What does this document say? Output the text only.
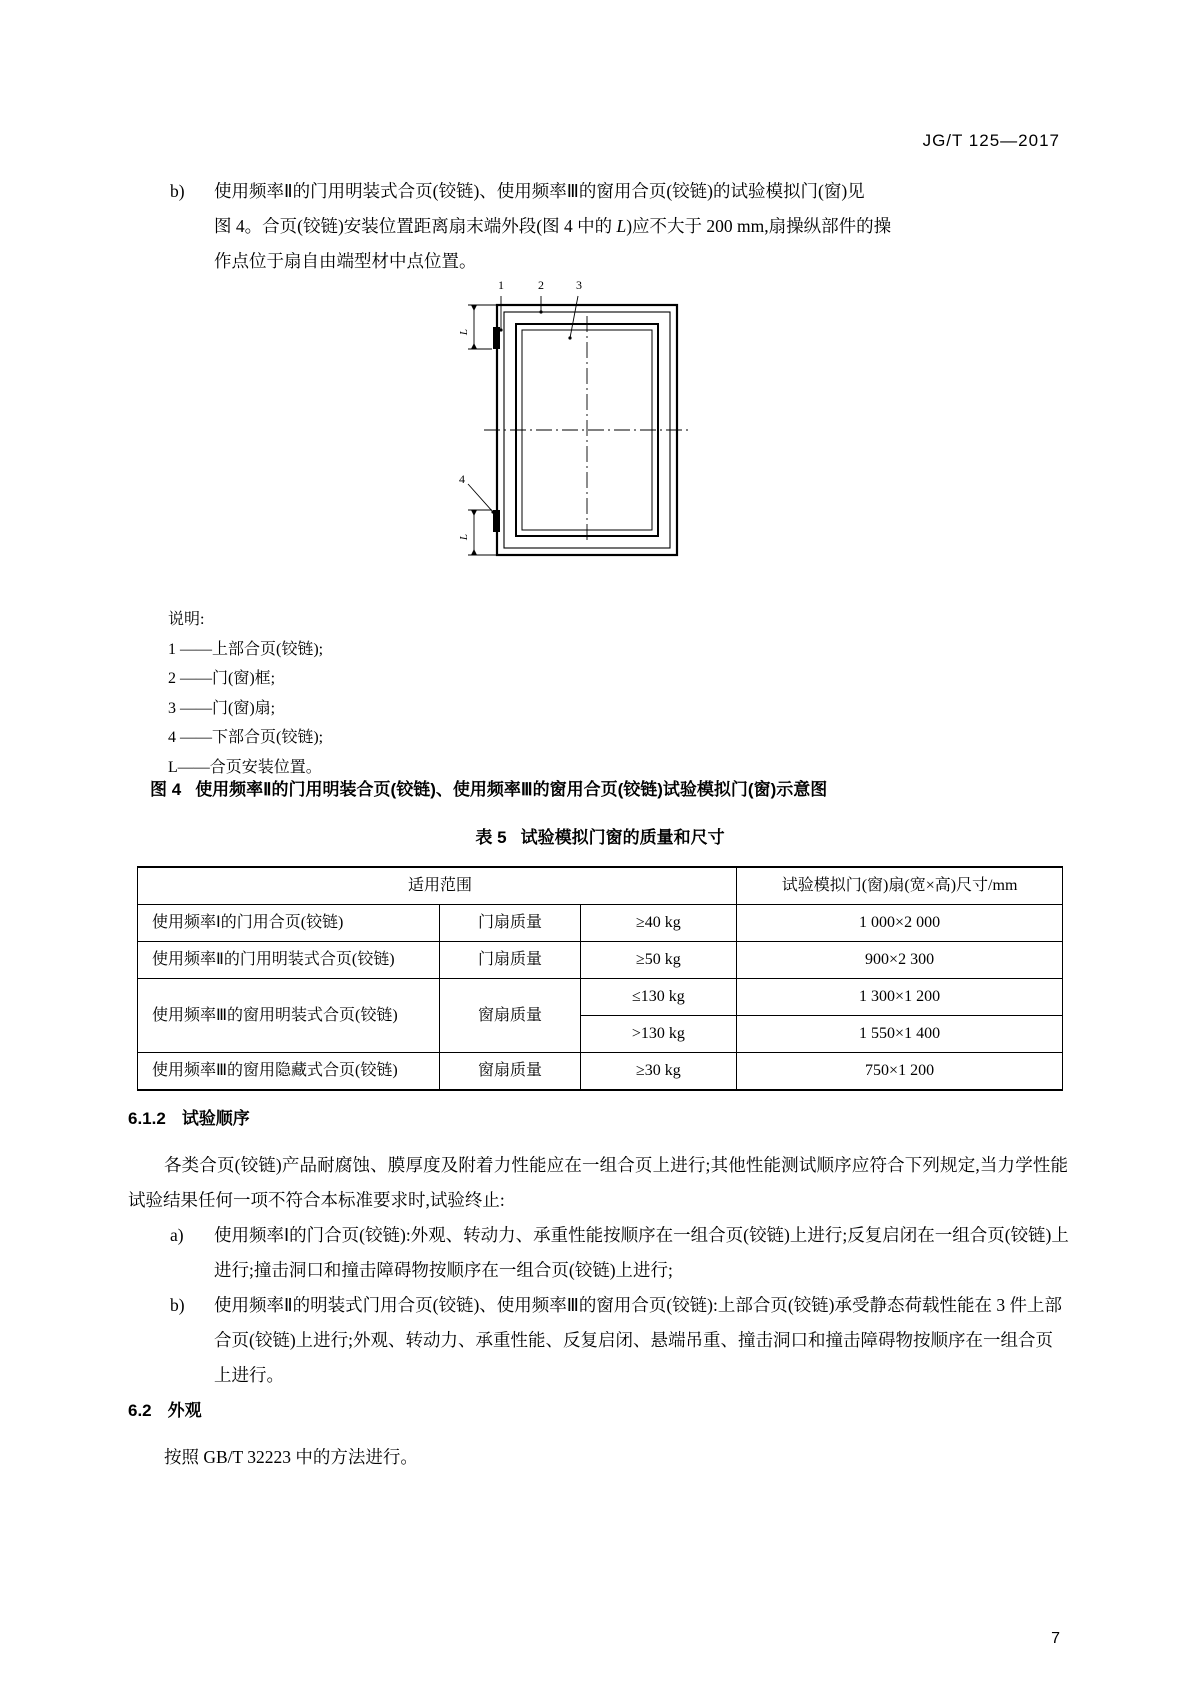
JG/T 125—2017
b)	使用频率Ⅱ的门用明装式合页(铰链)、使用频率Ⅲ的窗用合页(铰链)的试验模拟门(窗)见
图 4。合页(铰链)安装位置距离扇末端外段(图 4 中的 L)应不大于 200 mm,扇操纵部件的操
作点位于扇自由端型材中点位置。
L
L
1	2	3
4
说明:
1 ——上部合页(铰链);
2 ——门(窗)框;
3 ——门(窗)扇;
4 ——下部合页(铰链);
L——合页安装位置。
图 4 使用频率Ⅱ的门用明装合页(铰链)、使用频率Ⅲ的窗用合页(铰链)试验模拟门(窗)示意图
表 5 试验模拟门窗的质量和尺寸
适用范围			试验模拟门(窗)扇(宽×高)尺寸/mm
使用频率Ⅰ的门用合页(铰链)	门扇质量	≥40 kg	1 000×2 000
使用频率Ⅱ的门用明装式合页(铰链)	门扇质量	≥50 kg	900×2 300
使用频率Ⅲ的窗用明装式合页(铰链)	窗扇质量	≤130 kg	1 300×1 200
		>130 kg	1 550×1 400
使用频率Ⅲ的窗用隐藏式合页(铰链)	窗扇质量	≥30 kg	750×1 200
6.1.2 试验顺序
各类合页(铰链)产品耐腐蚀、膜厚度及附着力性能应在一组合页上进行;其他性能测试顺序应符合下列规定,当力学性能试验结果任何一项不符合本标准要求时,试验终止:
a)	使用频率Ⅰ的门合页(铰链):外观、转动力、承重性能按顺序在一组合页(铰链)上进行;反复启闭在一组合页(铰链)上进行;撞击洞口和撞击障碍物按顺序在一组合页(铰链)上进行;
b)	使用频率Ⅱ的明装式门用合页(铰链)、使用频率Ⅲ的窗用合页(铰链):上部合页(铰链)承受静态荷载性能在 3 件上部合页(铰链)上进行;外观、转动力、承重性能、反复启闭、悬端吊重、撞击洞口和撞击障碍物按顺序在一组合页上进行。
6.2 外观
按照 GB/T 32223 中的方法进行。
7
